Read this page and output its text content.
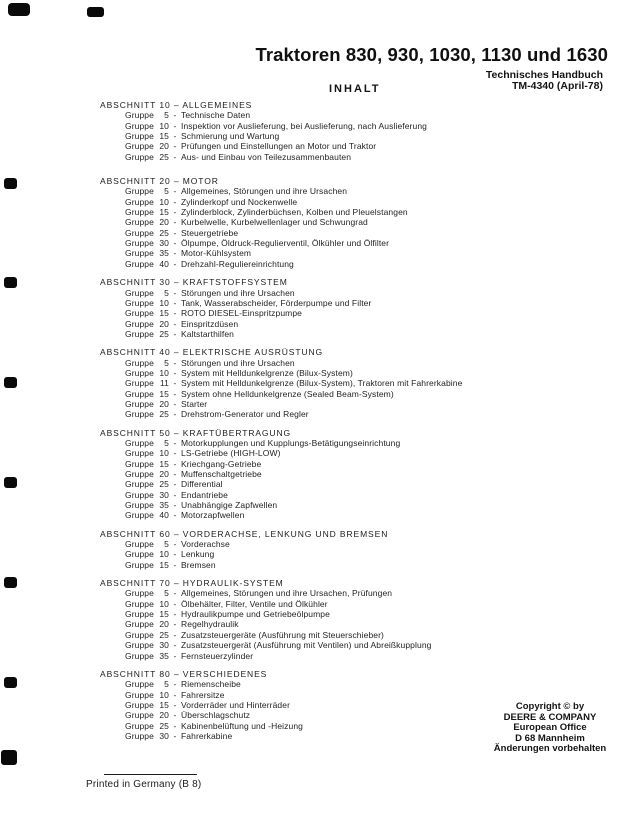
Traktoren 830, 930, 1030, 1130 und 1630
Technisches Handbuch
TM-4340 (April-78)
INHALT
ABSCHNITT 10 – ALLGEMEINES
Gruppe	5 - Technische Daten
Gruppe 10 - Inspektion vor Auslieferung, bei Auslieferung, nach Auslieferung
Gruppe 15 - Schmierung und Wartung
Gruppe 20 - Prüfungen und Einstellungen an Motor und Traktor
Gruppe 25 - Aus- und Einbau von Teilezusammenbauten
ABSCHNITT 20 – MOTOR
Gruppe	5 - Allgemeines, Störungen und ihre Ursachen
Gruppe 10 - Zylinderkopf und Nockenwelle
Gruppe 15 - Zylinderblock, Zylinderbüchsen, Kolben und Pleuelstangen
Gruppe 20 - Kurbelwelle, Kurbelwellenlager und Schwungrad
Gruppe 25 - Steuergetriebe
Gruppe 30 - Ölpumpe, Öldruck-Regulierventil, Ölkühler und Ölfilter
Gruppe 35 - Motor-Kühlsystem
Gruppe 40 - Drehzahl-Reguliereinrichtung
ABSCHNITT 30 – KRAFTSTOFFSYSTEM
Gruppe	5 - Störungen und ihre Ursachen
Gruppe 10 - Tank, Wasserabscheider, Förderpumpe und Filter
Gruppe 15 - ROTO DIESEL-Einspritzpumpe
Gruppe 20 - Einspritzdüsen
Gruppe 25 - Kaltstarthilfen
ABSCHNITT 40 – ELEKTRISCHE AUSRÜSTUNG
Gruppe	5 - Störungen und ihre Ursachen
Gruppe 10 - System mit Helldunkelgrenze (Bilux-System)
Gruppe 11 - System mit Helldunkelgrenze (Bilux-System), Traktoren mit Fahrerkabine
Gruppe 15 - System ohne Helldunkelgrenze (Sealed Beam-System)
Gruppe 20 - Starter
Gruppe 25 - Drehstrom-Generator und Regler
ABSCHNITT 50 – KRAFTÜBERTRAGUNG
Gruppe	5 - Motorkupplungen und Kupplungs-Betätigungseinrichtung
Gruppe 10 - LS-Getriebe (HIGH-LOW)
Gruppe 15 - Kriechgang-Getriebe
Gruppe 20 - Muffenschaltgetriebe
Gruppe 25 - Differential
Gruppe 30 - Endantriebe
Gruppe 35 - Unabhängige Zapfwellen
Gruppe 40 - Motorzapfwellen
ABSCHNITT 60 – VORDERACHSE, LENKUNG UND BREMSEN
Gruppe	5 - Vorderachse
Gruppe 10 - Lenkung
Gruppe 15 - Bremsen
ABSCHNITT 70 – HYDRAULIK-SYSTEM
Gruppe	5 - Allgemeines, Störungen und ihre Ursachen, Prüfungen
Gruppe 10 - Ölbehälter, Filter, Ventile und Ölkühler
Gruppe 15 - Hydraulikpumpe und Getriebeölpumpe
Gruppe 20 - Regelhydraulik
Gruppe 25 - Zusatzsteuergeräte (Ausführung mit Steuerschieber)
Gruppe 30 - Zusatzsteuergerät (Ausführung mit Ventilen) und Abreißkupplung
Gruppe 35 - Fernsteuerzylinder
ABSCHNITT 80 – VERSCHIEDENES
Gruppe	5 - Riemenscheibe
Gruppe 10 - Fahrersitze
Gruppe 15 - Vorderräder und Hinterräder
Gruppe 20 - Überschlagschutz
Gruppe 25 - Kabinenbelüftung und -Heizung
Gruppe 30 - Fahrerkabine
Copyright © by
DEERE & COMPANY
European Office
D 68 Mannheim
Änderungen vorbehalten
Printed in Germany (B 8)
